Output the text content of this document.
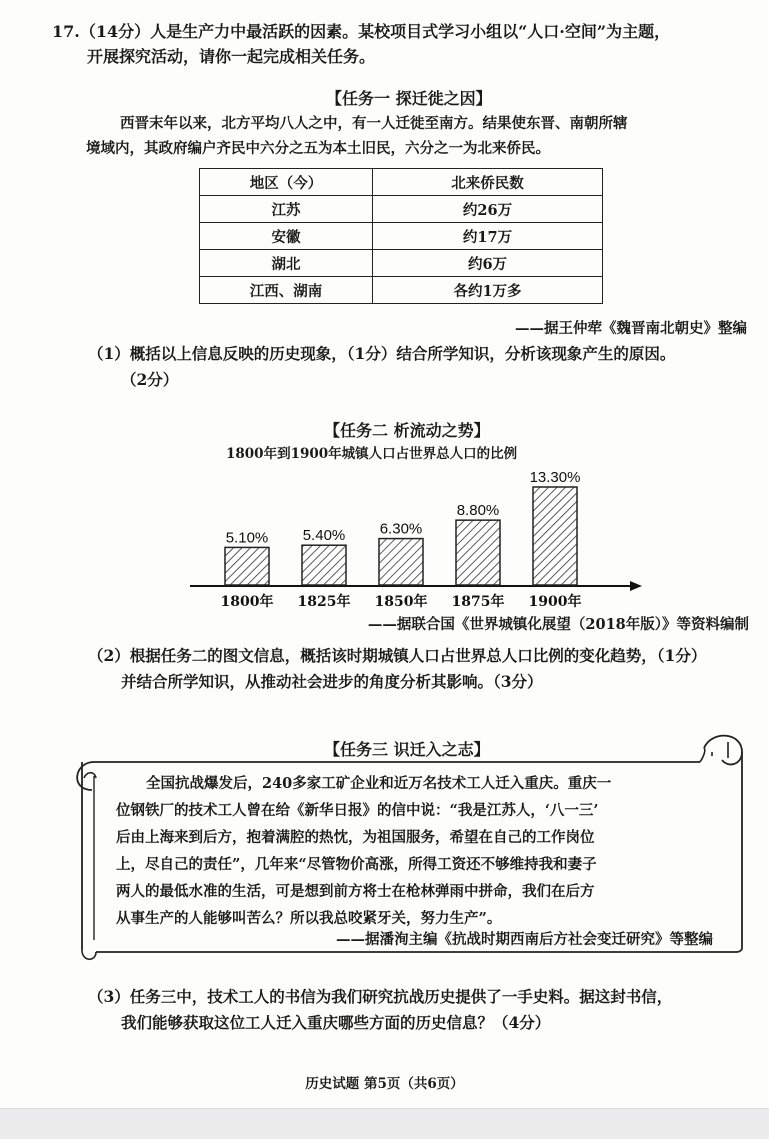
17.（14分）人是生产力中最活跃的因素。某校项目式学习小组以“人口·空间”为主题，
开展探究活动，请你一起完成相关任务。
【任务一 探迁徙之因】
西晋末年以来，北方平均八人之中，有一人迁徙至南方。结果使东晋、南朝所辖
境域内，其政府编户齐民中六分之五为本土旧民，六分之一为北来侨民。
地区（今）	北来侨民数
江苏	约26万
安徽	约17万
湖北	约6万
江西、湖南	各约1万多
——据王仲荦《魏晋南北朝史》整编
（1）概括以上信息反映的历史现象，（1分）结合所学知识，分析该现象产生的原因。
（2分）
【任务二 析流动之势】
1800年到1900年城镇人口占世界总人口的比例
5.10% 5.40% 6.30%
8.80%
13.30%
1800年 1825年 1850年 1875年 1900年
——据联合国《世界城镇化展望（2018年版）》等资料编制
（2）根据任务二的图文信息，概括该时期城镇人口占世界总人口比例的变化趋势，（1分）
并结合所学知识，从推动社会进步的角度分析其影响。（3分）
【任务三 识迁入之志】
全国抗战爆发后，240多家工矿企业和近万名技术工人迁入重庆。重庆一
位钢铁厂的技术工人曾在给《新华日报》的信中说：“我是江苏人，‘八一三’
后由上海来到后方，抱着满腔的热忱，为祖国服务，希望在自己的工作岗位
上，尽自己的责任”，几年来“尽管物价高涨，所得工资还不够维持我和妻子
两人的最低水准的生活，可是想到前方将士在枪林弹雨中拼命，我们在后方
从事生产的人能够叫苦么？所以我总咬紧牙关，努力生产”。
——据潘洵主编《抗战时期西南后方社会变迁研究》等整编
（3）任务三中，技术工人的书信为我们研究抗战历史提供了一手史料。据这封书信，
我们能够获取这位工人迁入重庆哪些方面的历史信息？（4分）
历史试题 第5页（共6页）
